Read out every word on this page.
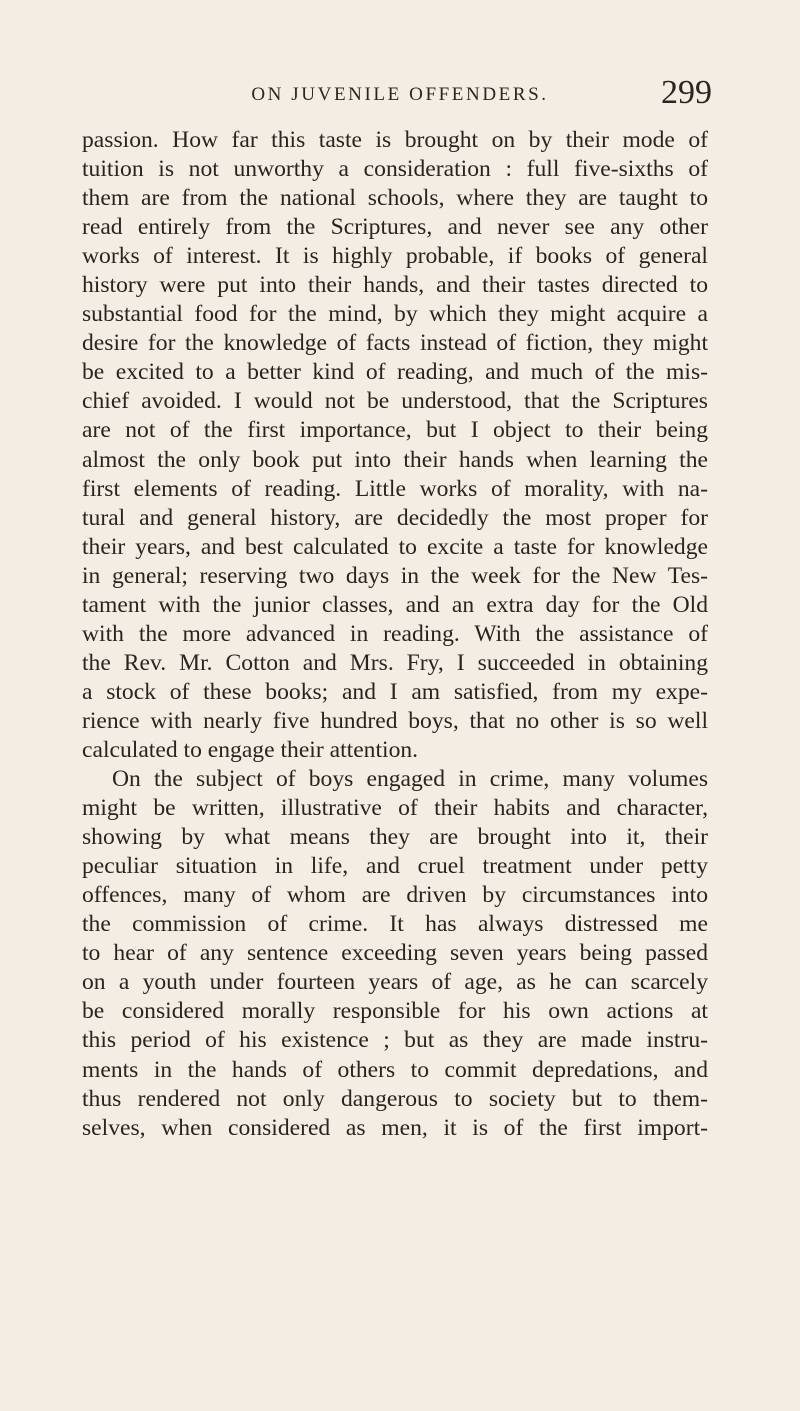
ON JUVENILE OFFENDERS.	299
passion. How far this taste is brought on by their mode of
tuition is not unworthy a consideration : full five-sixths of
them are from the national schools, where they are taught to
read entirely from the Scriptures, and never see any other
works of interest. It is highly probable, if books of general
history were put into their hands, and their tastes directed to
substantial food for the mind, by which they might acquire a
desire for the knowledge of facts instead of fiction, they might
be excited to a better kind of reading, and much of the mis-
chief avoided. I would not be understood, that the Scriptures
are not of the first importance, but I object to their being
almost the only book put into their hands when learning the
first elements of reading. Little works of morality, with na-
tural and general history, are decidedly the most proper for
their years, and best calculated to excite a taste for knowledge
in general; reserving two days in the week for the New Tes-
tament with the junior classes, and an extra day for the Old
with the more advanced in reading. With the assistance of
the Rev. Mr. Cotton and Mrs. Fry, I succeeded in obtaining
a stock of these books; and I am satisfied, from my expe-
rience with nearly five hundred boys, that no other is so well
calculated to engage their attention.
On the subject of boys engaged in crime, many volumes
might be written, illustrative of their habits and character,
showing by what means they are brought into it, their
peculiar situation in life, and cruel treatment under petty
offences, many of whom are driven by circumstances into
the commission of crime. It has always distressed me
to hear of any sentence exceeding seven years being passed
on a youth under fourteen years of age, as he can scarcely
be considered morally responsible for his own actions at
this period of his existence ; but as they are made instru-
ments in the hands of others to commit depredations, and
thus rendered not only dangerous to society but to them-
selves, when considered as men, it is of the first import-
